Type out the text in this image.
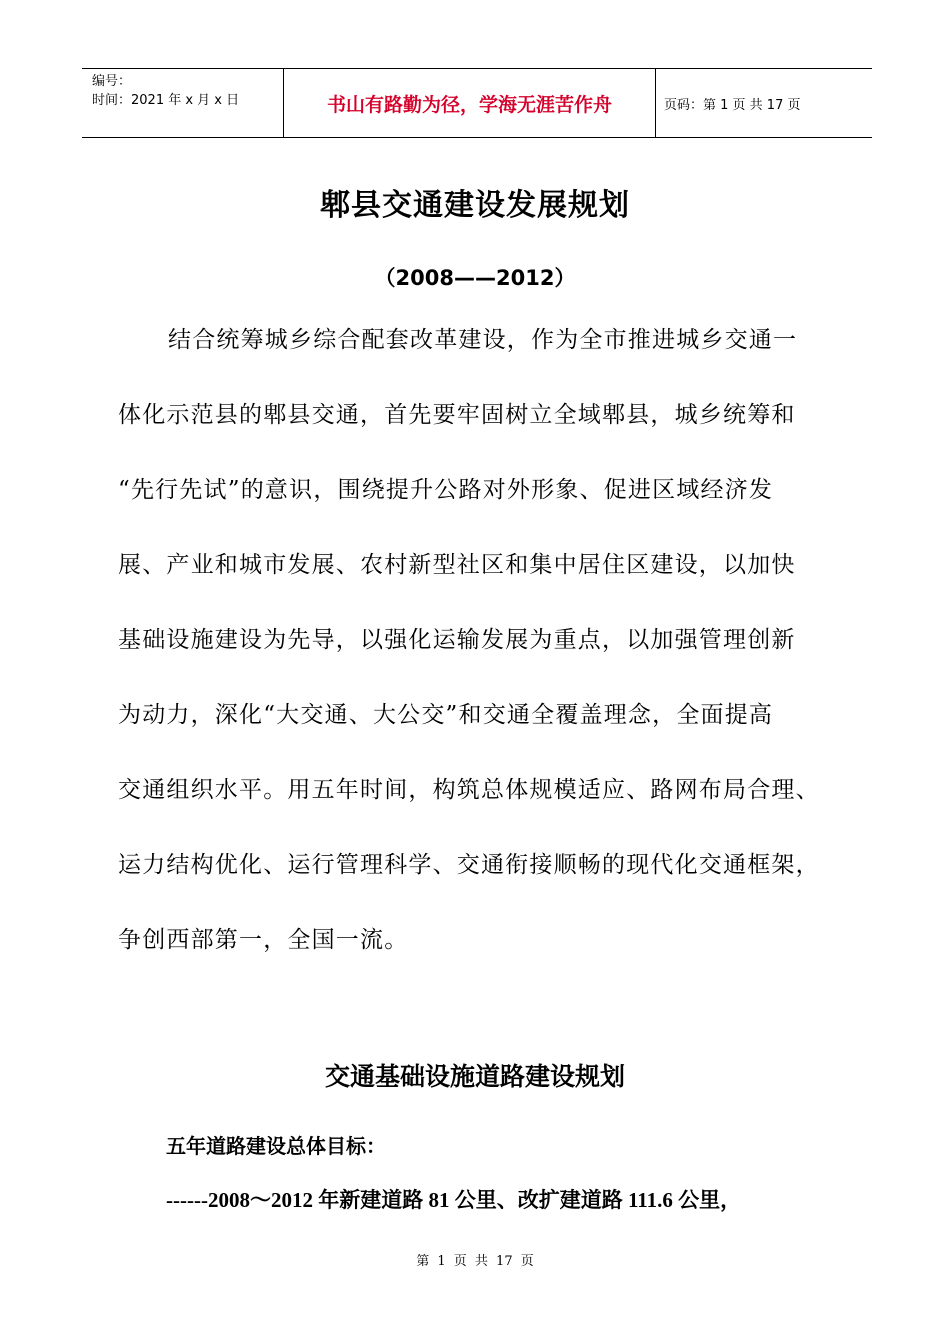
编号：
时间：2021 年 x 月 x 日	书山有路勤为径，学海无涯苦作舟	页码：第 1 页 共 17 页
郫县交通建设发展规划
（2008——2012）
结合统筹城乡综合配套改革建设，作为全市推进城乡交通一
体化示范县的郫县交通，首先要牢固树立全域郫县，城乡统筹和
“先行先试”的意识，围绕提升公路对外形象、促进区域经济发
展、产业和城市发展、农村新型社区和集中居住区建设，以加快
基础设施建设为先导，以强化运输发展为重点，以加强管理创新
为动力，深化“大交通、大公交”和交通全覆盖理念，全面提高
交通组织水平。用五年时间，构筑总体规模适应、路网布局合理、
运力结构优化、运行管理科学、交通衔接顺畅的现代化交通框架，
争创西部第一，全国一流。
交通基础设施道路建设规划
五年道路建设总体目标：
------2008～2012 年新建道路 81 公里、改扩建道路 111.6 公里，
第 1 页 共 17 页
